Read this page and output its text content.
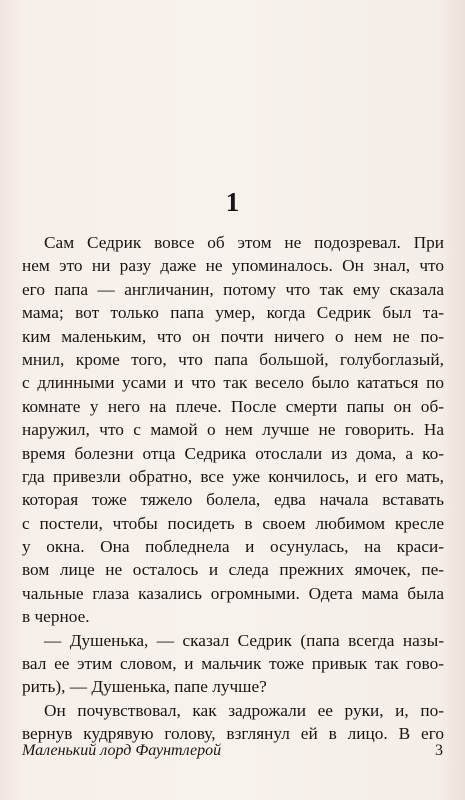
1
Сам Седрик вовсе об этом не подозревал. При
нем это ни разу даже не упоминалось. Он знал, что
его папа — англичанин, потому что так ему сказала
мама; вот только папа умер, когда Седрик был та-
ким маленьким, что он почти ничего о нем не по-
мнил, кроме того, что папа большой, голубоглазый,
с длинными усами и что так весело было кататься по
комнате у него на плече. После смерти папы он об-
наружил, что с мамой о нем лучше не говорить. На
время болезни отца Седрика отослали из дома, а ко-
гда привезли обратно, все уже кончилось, и его мать,
которая тоже тяжело болела, едва начала вставать
с постели, чтобы посидеть в своем любимом кресле
у окна. Она побледнела и осунулась, на краси-
вом лице не осталось и следа прежних ямочек, пе-
чальные глаза казались огромными. Одета мама была
в черное.
— Душенька, — сказал Седрик (папа всегда назы-
вал ее этим словом, и мальчик тоже привык так гово-
рить), — Душенька, папе лучше?
Он почувствовал, как задрожали ее руки, и, по-
вернув кудрявую голову, взглянул ей в лицо. В его
Маленький лорд Фаунтлерой	3
